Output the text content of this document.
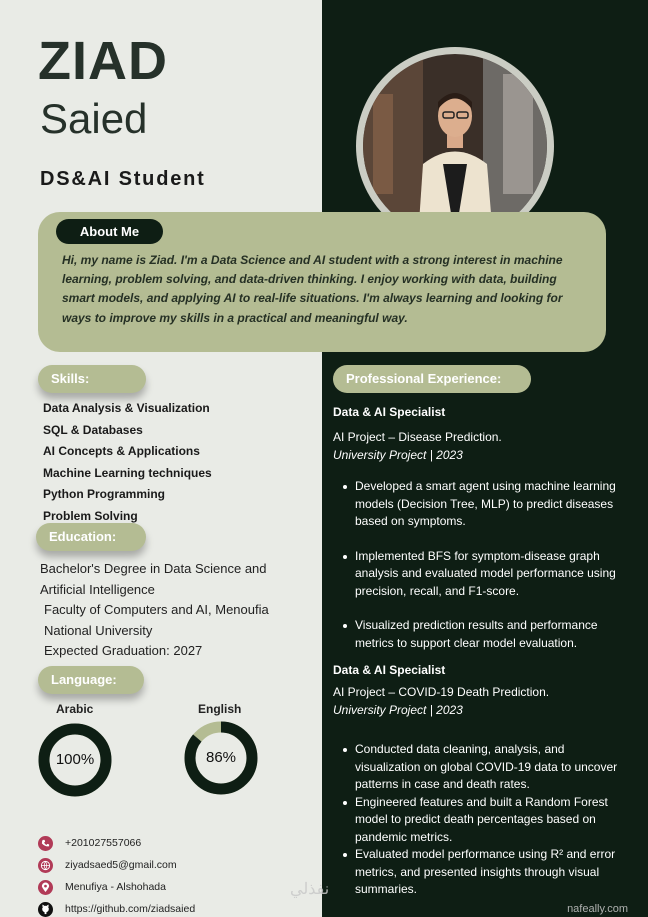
ZIAD
Saied
DS&AI Student
About Me
Hi, my name is Ziad. I'm a Data Science and AI student with a strong interest in machine learning, problem solving, and data-driven thinking. I enjoy working with data, building smart models, and applying AI to real-life situations. I'm always learning and looking for ways to improve my skills in a practical and meaningful way.
Skills:
Data Analysis & Visualization
SQL & Databases
AI Concepts & Applications
Machine Learning techniques
Python Programming
Problem Solving
Education:
Bachelor's Degree in Data Science and Artificial Intelligence
Faculty of Computers and AI, Menoufia National University
Expected Graduation: 2027
Language:
Arabic	English
100%	86%
+201027557066
ziyadsaed5@gmail.com
Menufiya - Alshohada
https://github.com/ziadsaied
Professional Experience:
Data & AI Specialist
AI Project – Disease Prediction.
University Project | 2023
Developed a smart agent using machine learning models (Decision Tree, MLP) to predict diseases based on symptoms.
Implemented BFS for symptom-disease graph analysis and evaluated model performance using precision, recall, and F1-score.
Visualized prediction results and performance metrics to support clear model evaluation.
Data & AI Specialist
AI Project – COVID-19 Death Prediction.
University Project | 2023
Conducted data cleaning, analysis, and visualization on global COVID-19 data to uncover patterns in case and death rates.
Engineered features and built a Random Forest model to predict death percentages based on pandemic metrics.
Evaluated model performance using R² and error metrics, and presented insights through visual summaries.
nafeally.com
نفذلي
